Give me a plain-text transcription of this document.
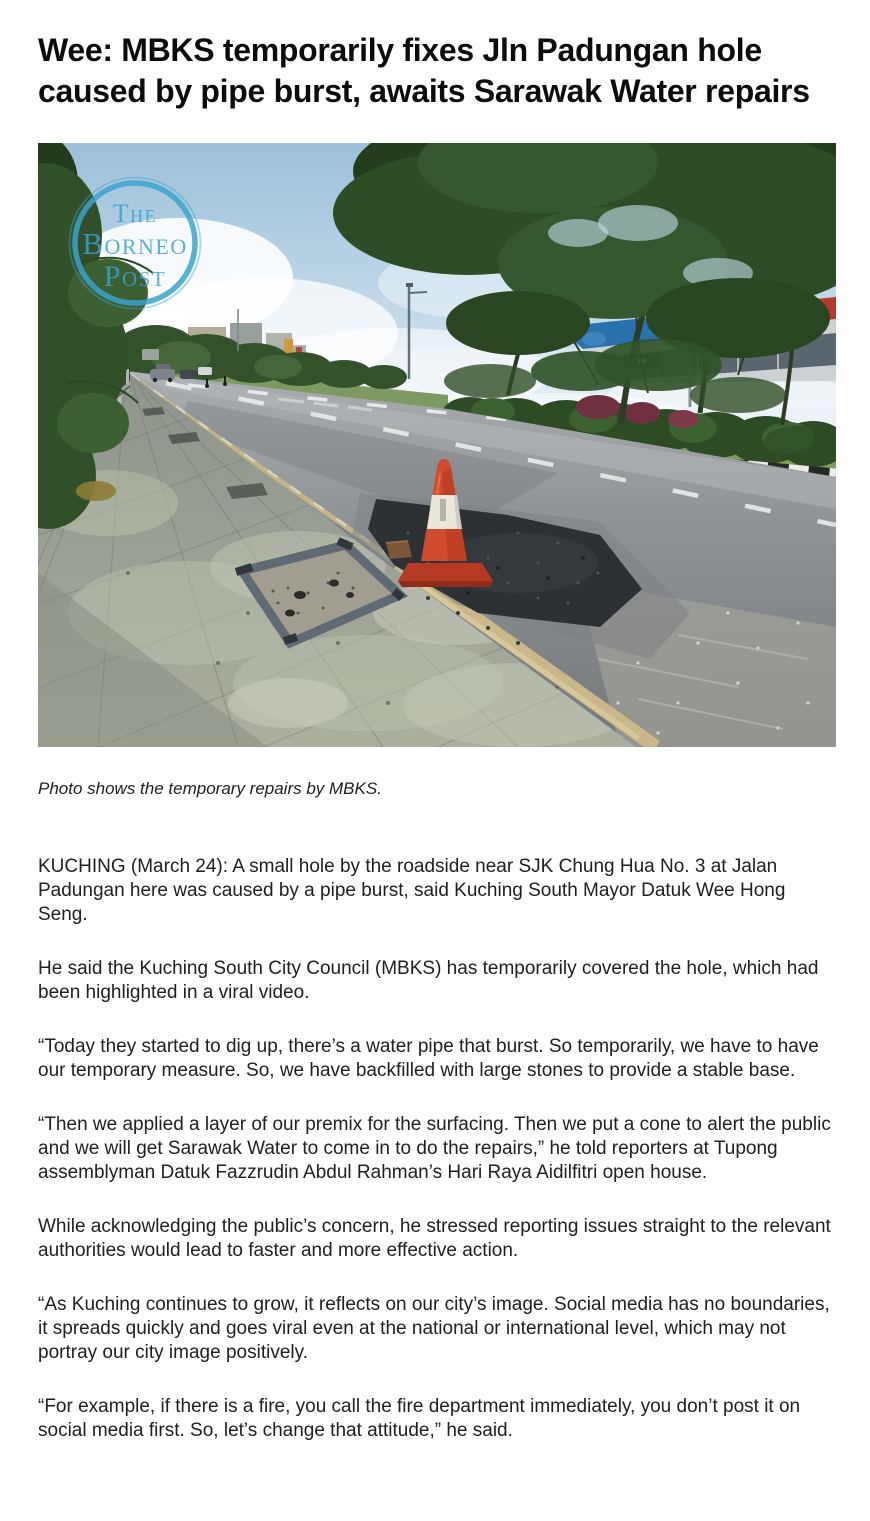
Wee: MBKS temporarily fixes Jln Padungan hole caused by pipe burst, awaits Sarawak Water repairs
The
Borneo
Post
Photo shows the temporary repairs by MBKS.

KUCHING (March 24): A small hole by the roadside near SJK Chung Hua No. 3 at Jalan Padungan here was caused by a pipe burst, said Kuching South Mayor Datuk Wee Hong Seng.

He said the Kuching South City Council (MBKS) has temporarily covered the hole, which had been highlighted in a viral video.

“Today they started to dig up, there’s a water pipe that burst. So temporarily, we have to have our temporary measure. So, we have backfilled with large stones to provide a stable base.

“Then we applied a layer of our premix for the surfacing. Then we put a cone to alert the public and we will get Sarawak Water to come in to do the repairs,” he told reporters at Tupong assemblyman Datuk Fazzrudin Abdul Rahman’s Hari Raya Aidilfitri open house.

While acknowledging the public’s concern, he stressed reporting issues straight to the relevant authorities would lead to faster and more effective action.

“As Kuching continues to grow, it reflects on our city’s image. Social media has no boundaries, it spreads quickly and goes viral even at the national or international level, which may not portray our city image positively.

“For example, if there is a fire, you call the fire department immediately, you don’t post it on social media first. So, let’s change that attitude,” he said.
